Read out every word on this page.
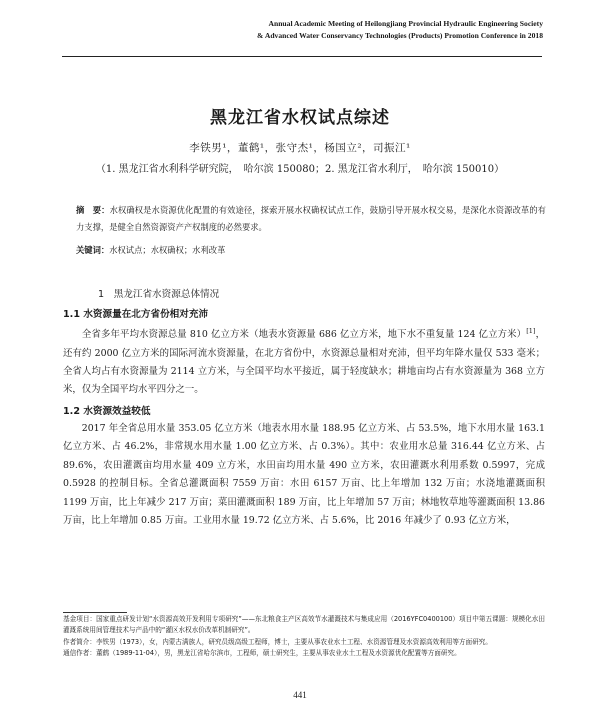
Annual Academic Meeting of Heilongjiang Provincial Hydraulic Engineering Society
& Advanced Water Conservancy Technologies (Products) Promotion Conference in 2018
黑龙江省水权试点综述
李铁男¹，董鹤¹，张守杰¹，杨国立²，司振江¹
（1. 黑龙江省水利科学研究院，　哈尔滨 150080；2. 黑龙江省水利厅，　哈尔滨 150010）
摘　要：水权确权是水资源优化配置的有效途径，探索开展水权确权试点工作，鼓励引导开展水权交易，是深化水资源改革的有力支撑，是健全自然资源资产产权制度的必然要求。
关键词：水权试点；水权确权；水利改革
1　黑龙江省水资源总体情况
1.1 水资源量在北方省份相对充沛
  全省多年平均水资源总量 810 亿立方米（地表水资源量 686 亿立方米，地下水不重复量 124 亿立方米）[1]，还有约 2000 亿立方米的国际河流水资源量，在北方省份中，水资源总量相对充沛，但平均年降水量仅 533 毫米；全省人均占有水资源量为 2114 立方米，与全国平均水平接近，属于轻度缺水；耕地亩均占有水资源量为 368 立方米，仅为全国平均水平四分之一。
1.2 水资源效益较低
  2017 年全省总用水量 353.05 亿立方米（地表水用水量 188.95 亿立方米、占 53.5%，地下水用水量 163.1 亿立方米、占 46.2%，非常规水用水量 1.00 亿立方米、占 0.3%）。其中：农业用水总量 316.44 亿立方米、占 89.6%，农田灌溉亩均用水量 409 立方米，水田亩均用水量 490 立方米，农田灌溉水利用系数 0.5997，完成 0.5928 的控制目标。全省总灌溉面积 7559 万亩：水田 6157 万亩、比上年增加 132 万亩；水浇地灌溉面积 1199 万亩，比上年减少 217 万亩；菜田灌溉面积 189 万亩，比上年增加 57 万亩；林地牧草地等灌溉面积 13.86 万亩，比上年增加 0.85 万亩。工业用水量 19.72 亿立方米、占 5.6%，比 2016 年减少了 0.93 亿立方米，

基金项目：国家重点研发计划“水资源高效开发利用专项研究”——东北粮食主产区高效节水灌溉技术与集成应用（2016YFC0400100）项目中第五课题：规模化水田灌溉系统用间管理技术与产品中的“灌区水权水价改革机制研究”。

作者简介：李铁男（1973），女，内蒙古满族人，研究员级高级工程师，博士，主要从事农业水土工程、水资源管理及水资源高效利用等方面研究。

通信作者：董鹤（1989-11-04），男，黑龙江省哈尔滨市，工程师，硕士研究生，主要从事农业水土工程及水资源优化配置等方面研究。

441
